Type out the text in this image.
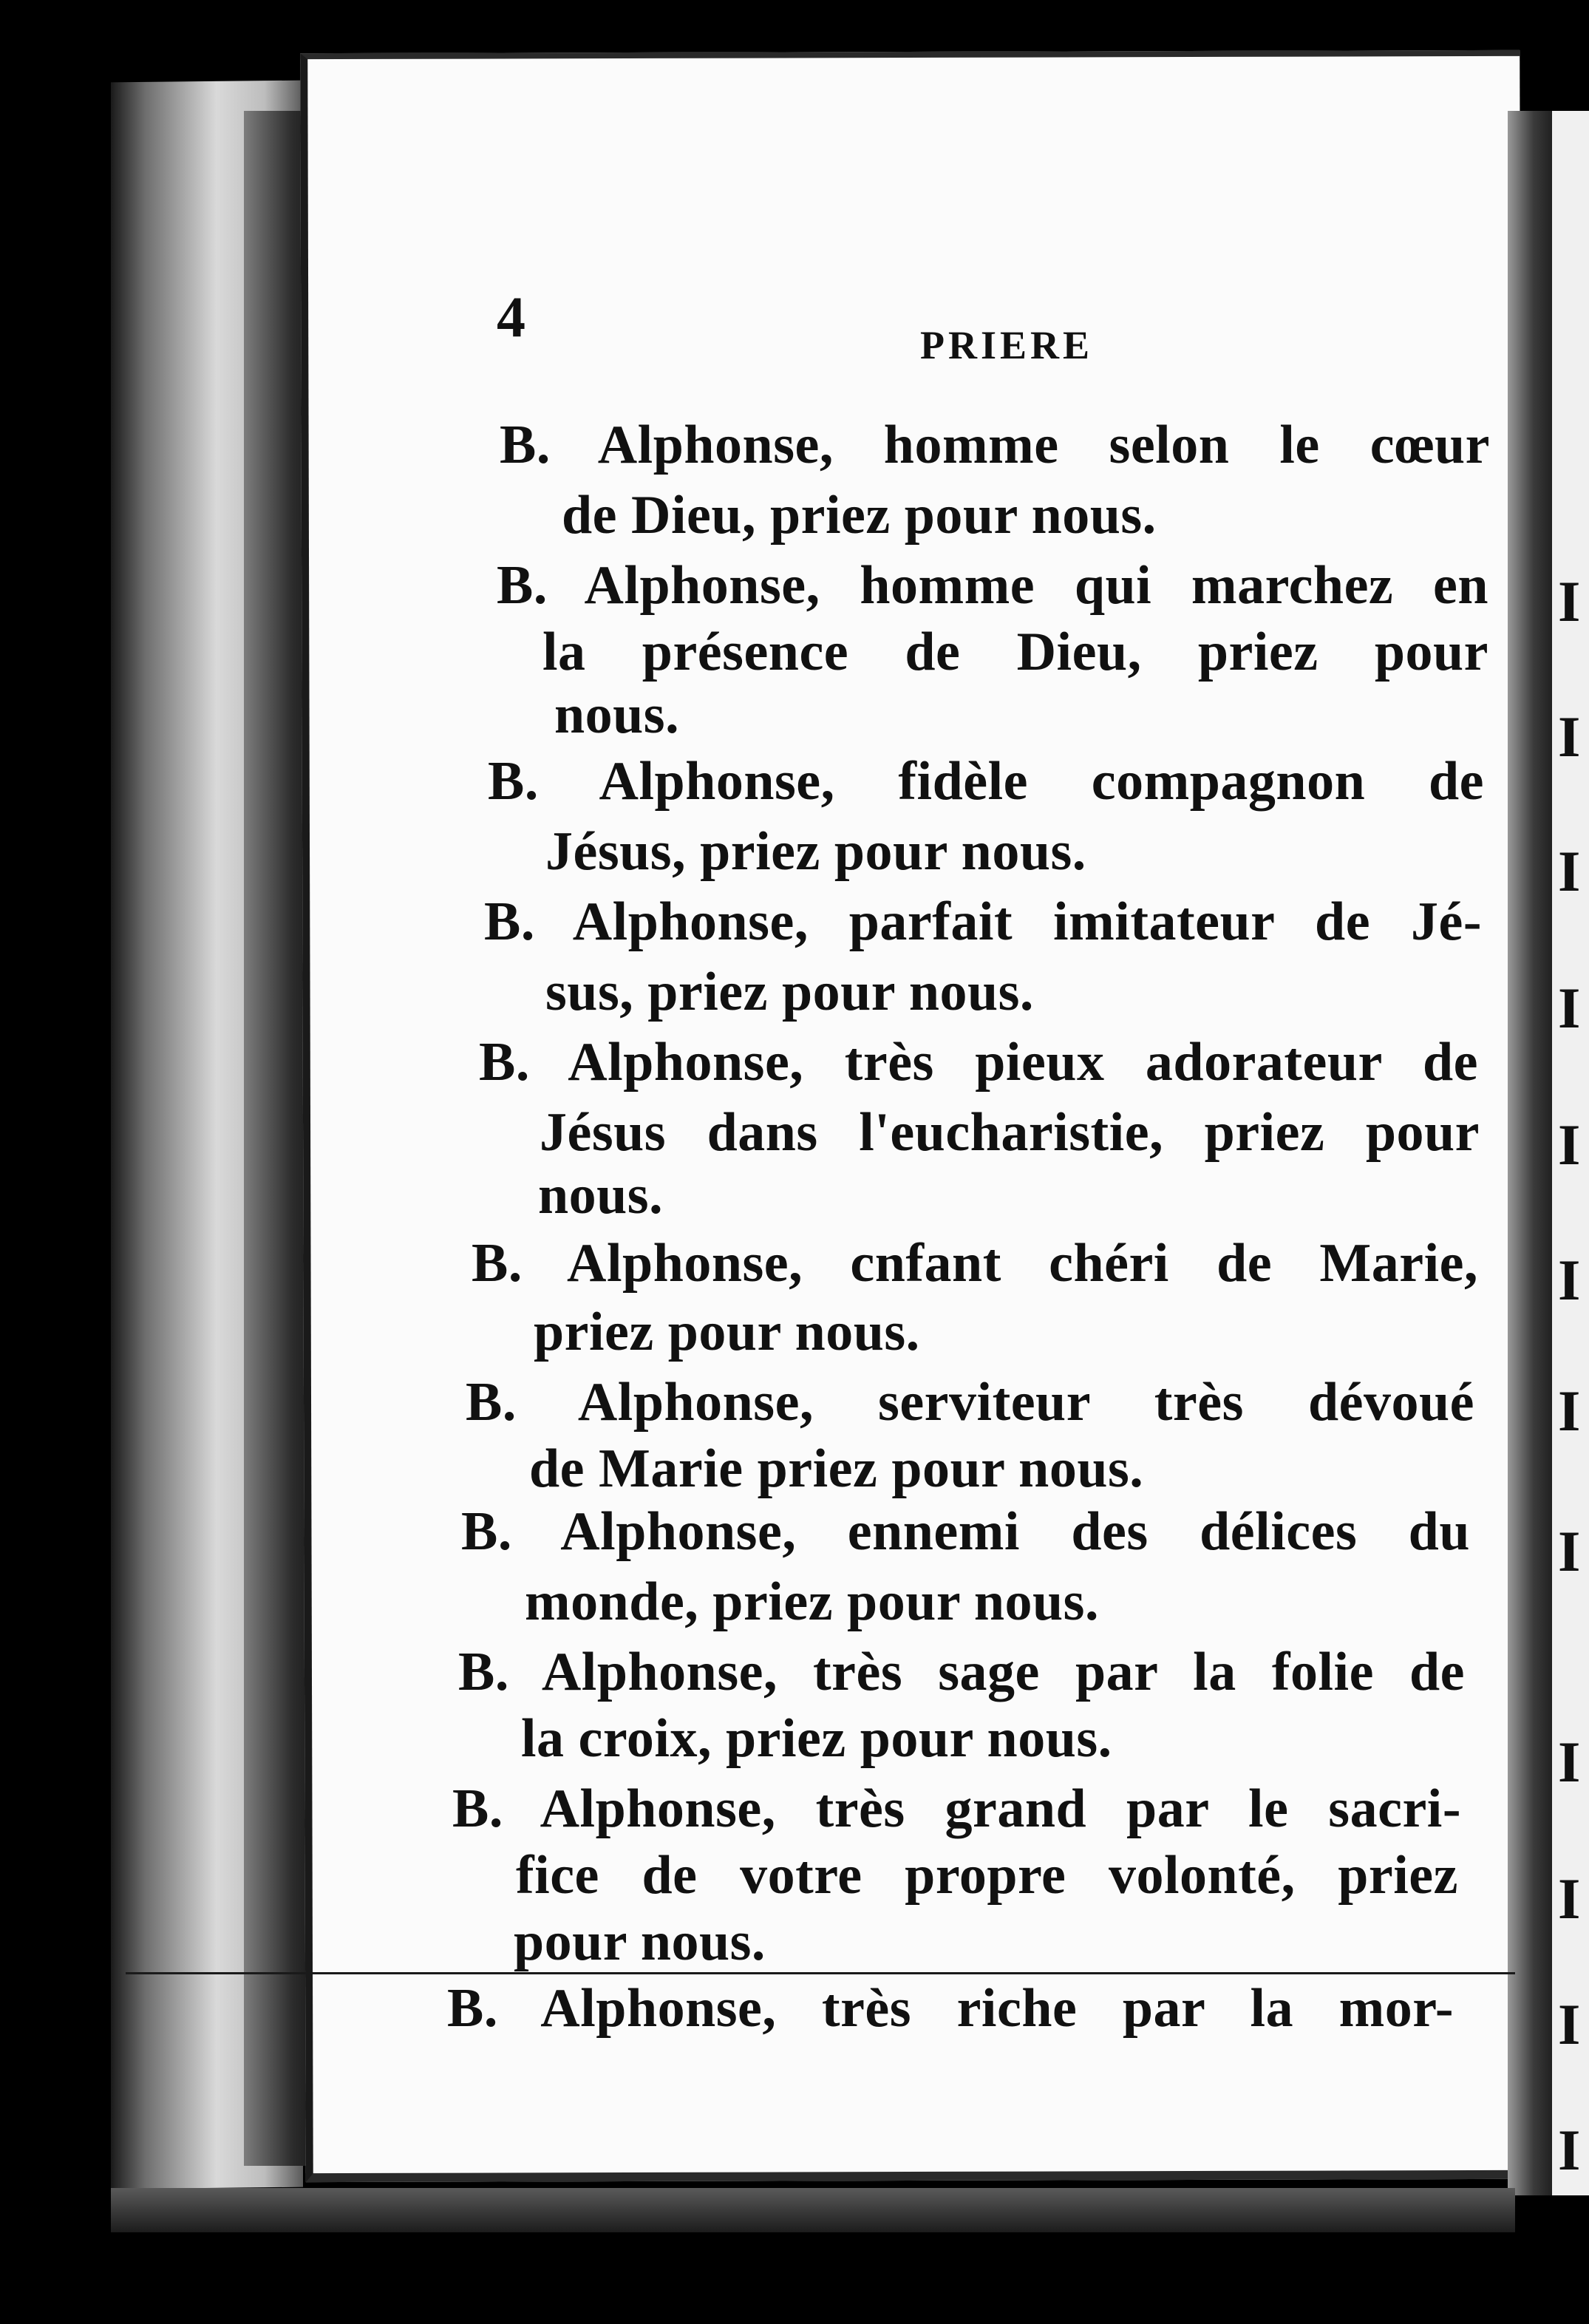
I
I
I
I
I
I
I
I
I
I
I
I
4	PRIERE
B. Alphonse, homme selon le cœur
de Dieu, priez pour nous.
B. Alphonse, homme qui marchez en
la présence de Dieu, priez pour
nous.
B. Alphonse, fidèle compagnon de
Jésus, priez pour nous.
B. Alphonse, parfait imitateur de Jé-
sus, priez pour nous.
B. Alphonse, très pieux adorateur de
Jésus dans l'eucharistie, priez pour
nous.
B. Alphonse, cnfant chéri de Marie,
priez pour nous.
B. Alphonse, serviteur très dévoué
de Marie priez pour nous.
B. Alphonse, ennemi des délices du
monde, priez pour nous.
B. Alphonse, très sage par la folie de
la croix, priez pour nous.
B. Alphonse, très grand par le sacri-
fice de votre propre volonté, priez
pour nous.
B. Alphonse, très riche par la mor-
